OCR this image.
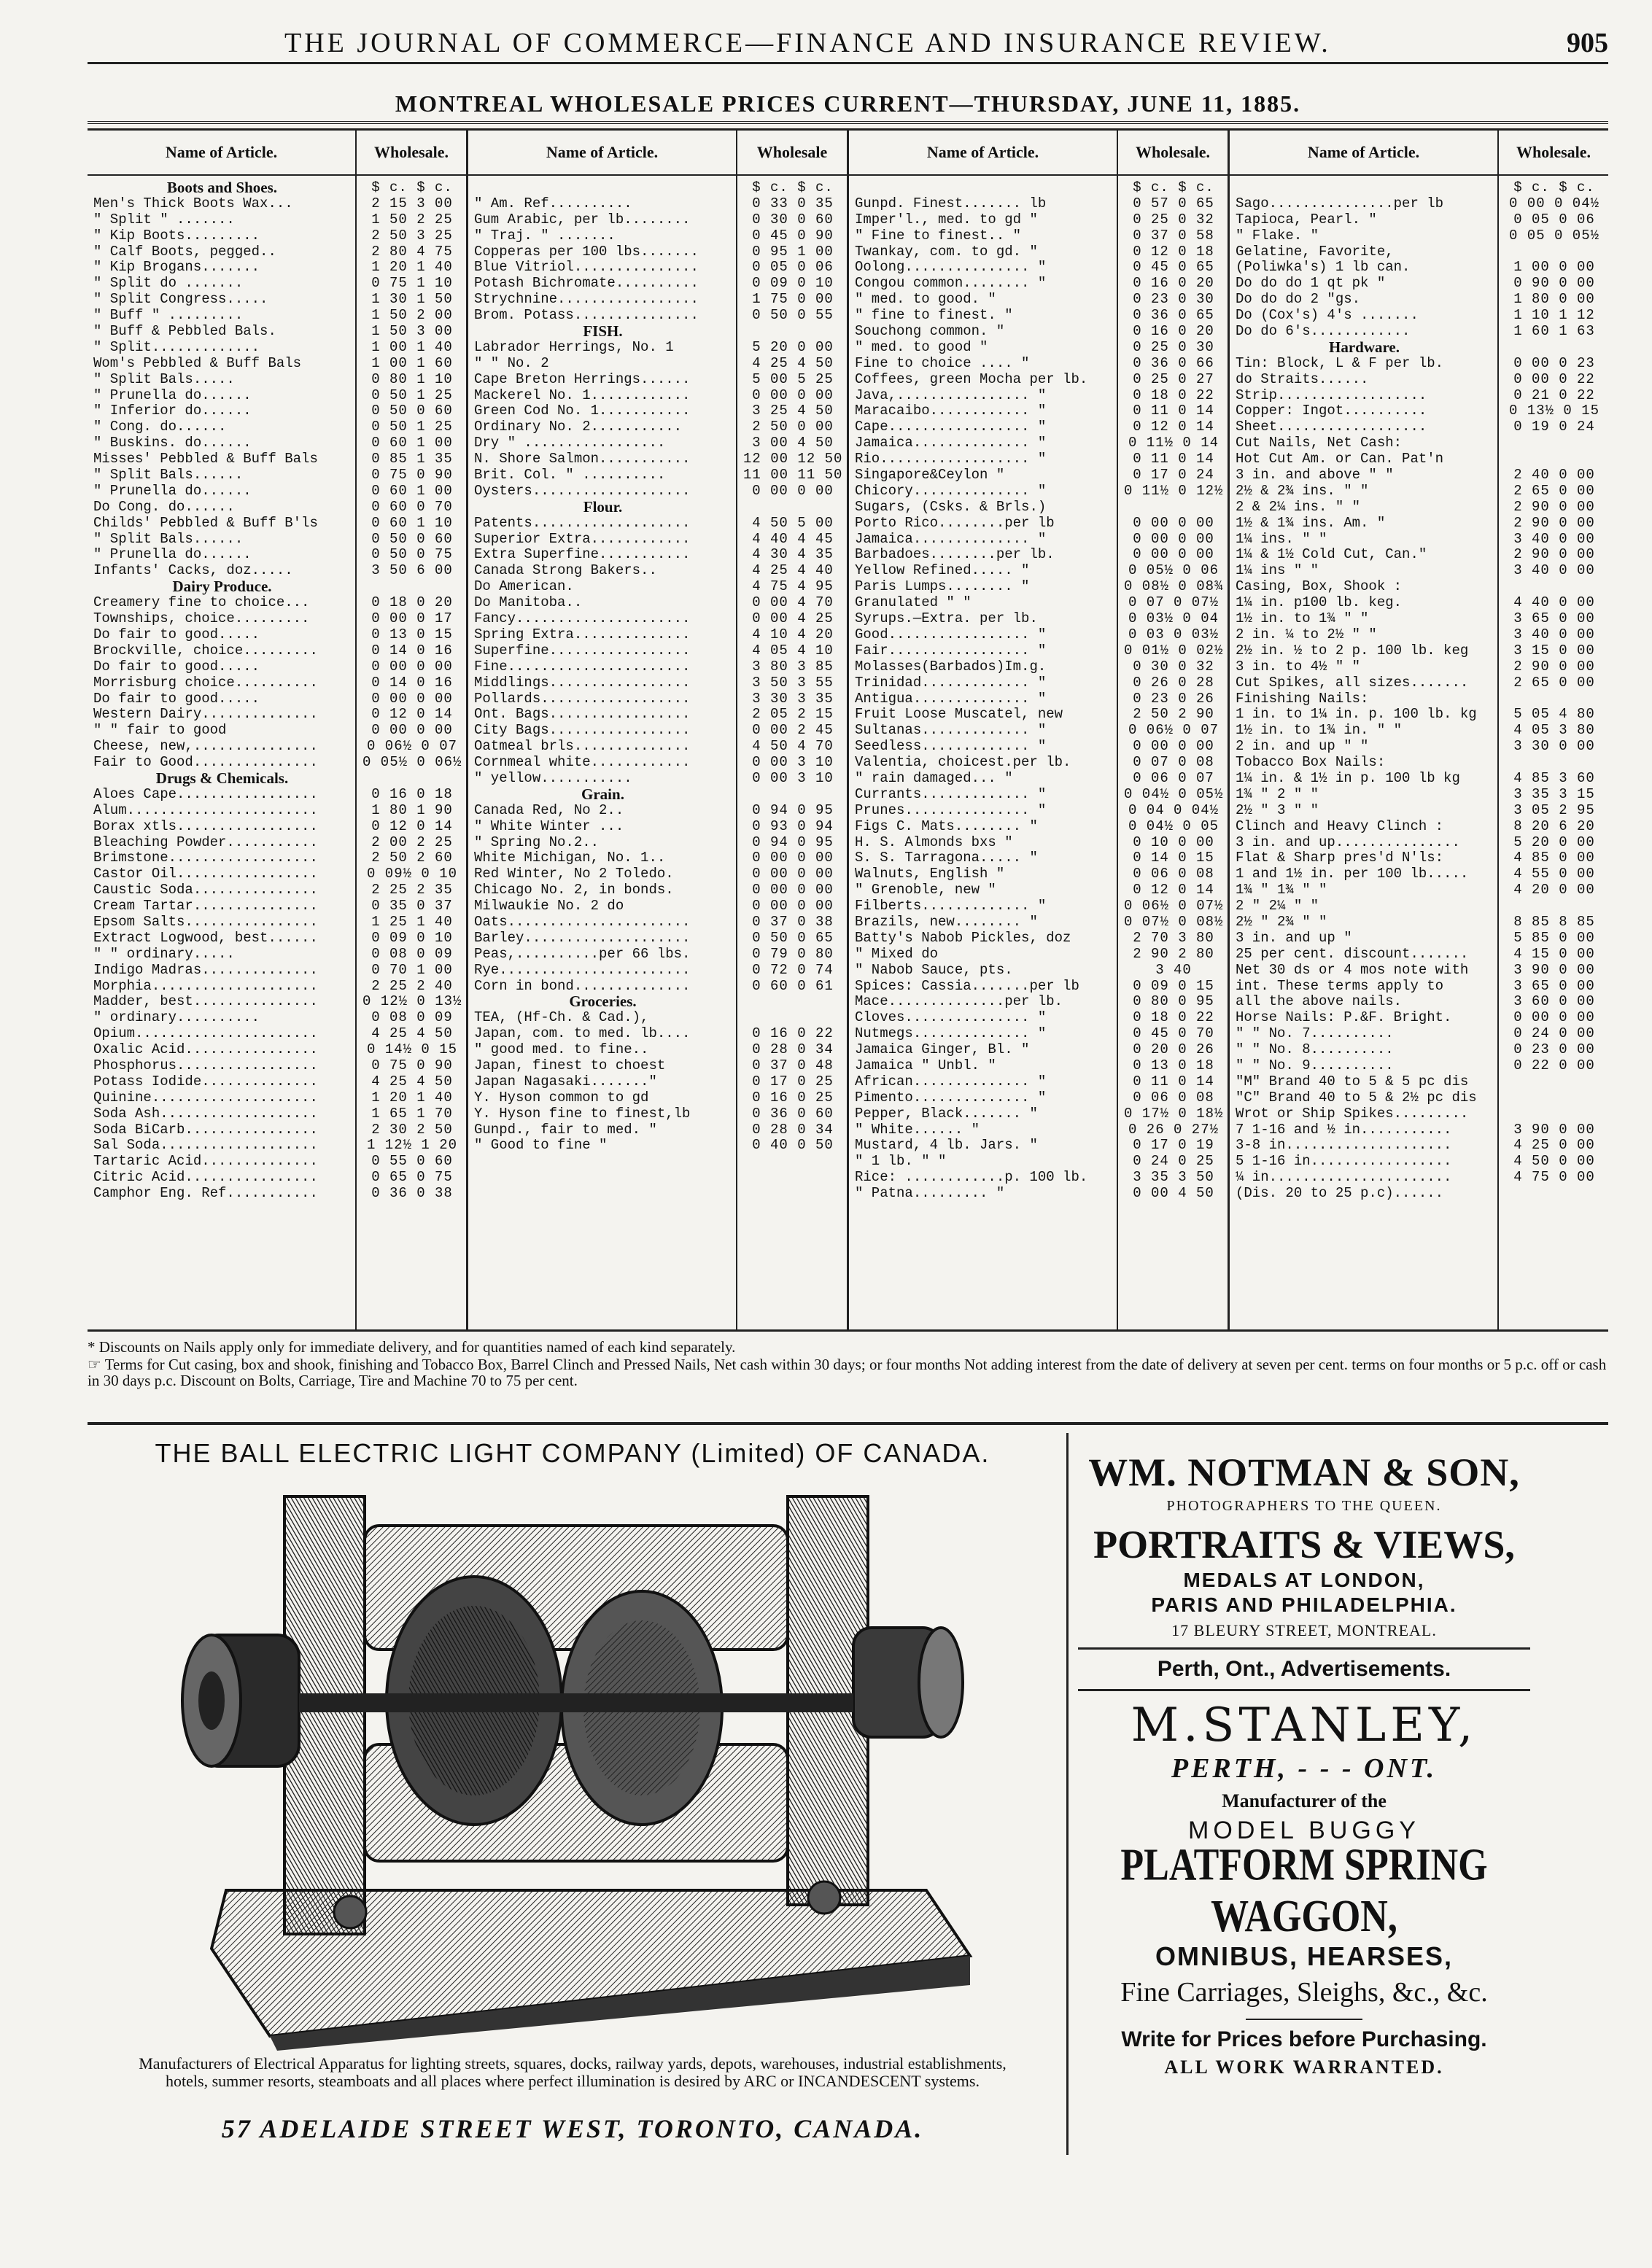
THE JOURNAL OF COMMERCE—FINANCE AND INSURANCE REVIEW.	905
MONTREAL WHOLESALE PRICES CURRENT—THURSDAY, JUNE 11, 1885.
Name of Article.
Boots and Shoes.
Men's Thick Boots Wax...
" Split " .......
" Kip Boots.........
" Calf Boots, pegged..
" Kip Brogans.......
" Split do .......
" Split Congress.....
" Buff " .........
" Buff & Pebbled Bals.
" Split.............
Wom's Pebbled & Buff Bals
" Split Bals.....
" Prunella do......
" Inferior do......
" Cong. do......
" Buskins. do......
Misses' Pebbled & Buff Bals
" Split Bals......
" Prunella do......
Do Cong. do......
Childs' Pebbled & Buff B'ls
" Split Bals......
" Prunella do......
Infants' Cacks, doz.....
Dairy Produce.
Creamery fine to choice...
Townships, choice.........
Do fair to good.....
Brockville, choice.........
Do fair to good.....
Morrisburg choice..........
Do fair to good.....
Western Dairy..............
" " fair to good
Cheese, new,...............
Fair to Good...............
Drugs & Chemicals.
Aloes Cape.................
Alum.......................
Borax xtls.................
Bleaching Powder...........
Brimstone..................
Castor Oil.................
Caustic Soda...............
Cream Tartar...............
Epsom Salts................
Extract Logwood, best......
" " ordinary.....
Indigo Madras..............
Morphia....................
Madder, best...............
" ordinary..........
Opium......................
Oxalic Acid................
Phosphorus.................
Potass Iodide..............
Quinine....................
Soda Ash...................
Soda BiCarb................
Sal Soda...................
Tartaric Acid..............
Citric Acid................
Camphor Eng. Ref...........
Wholesale.
$ c. $ c.
2 15 3 00
1 50 2 25
2 50 3 25
2 80 4 75
1 20 1 40
0 75 1 10
1 30 1 50
1 50 2 00
1 50 3 00
1 00 1 40
1 00 1 60
0 80 1 10
0 50 1 25
0 50 0 60
0 50 1 25
0 60 1 00
0 85 1 35
0 75 0 90
0 60 1 00
0 60 0 70
0 60 1 10
0 50 0 60
0 50 0 75
3 50 6 00
0 18 0 20
0 00 0 17
0 13 0 15
0 14 0 16
0 00 0 00
0 14 0 16
0 00 0 00
0 12 0 14
0 00 0 00
0 06½ 0 07
0 05½ 0 06½
0 16 0 18
1 80 1 90
0 12 0 14
2 00 2 25
2 50 2 60
0 09½ 0 10
2 25 2 35
0 35 0 37
1 25 1 40
0 09 0 10
0 08 0 09
0 70 1 00
2 25 2 40
0 12½ 0 13½
0 08 0 09
4 25 4 50
0 14½ 0 15
0 75 0 90
4 25 4 50
1 20 1 40
1 65 1 70
2 30 2 50
1 12½ 1 20
0 55 0 60
0 65 0 75
0 36 0 38
Name of Article.
" Am. Ref..........
Gum Arabic, per lb........
" Traj. " .......
Copperas per 100 lbs.......
Blue Vitriol...............
Potash Bichromate..........
Strychnine.................
Brom. Potass...............
FISH.
Labrador Herrings, No. 1
" " No. 2
Cape Breton Herrings......
Mackerel No. 1............
Green Cod No. 1...........
Ordinary No. 2...........
Dry " .................
N. Shore Salmon...........
Brit. Col. " ..........
Oysters...................
Flour.
Patents...................
Superior Extra............
Extra Superfine...........
Canada Strong Bakers..
Do American.
Do Manitoba..
Fancy.....................
Spring Extra..............
Superfine.................
Fine......................
Middlings.................
Pollards..................
Ont. Bags.................
City Bags.................
Oatmeal brls..............
Cornmeal white............
" yellow...........
Grain.
Canada Red, No 2..
" White Winter ...
" Spring No.2..
White Michigan, No. 1..
Red Winter, No 2 Toledo.
Chicago No. 2, in bonds.
Milwaukie No. 2 do
Oats......................
Barley....................
Peas,..........per 66 lbs.
Rye.......................
Corn in bond..............
Groceries.
TEA, (Hf-Ch. & Cad.),
Japan, com. to med. lb....
" good med. to fine..
Japan, finest to choest
Japan Nagasaki......."
Y. Hyson common to gd
Y. Hyson fine to finest,lb
Gunpd., fair to med. "
" Good to fine "
Wholesale
$ c. $ c.
0 33 0 35
0 30 0 60
0 45 0 90
0 95 1 00
0 05 0 06
0 09 0 10
1 75 0 00
0 50 0 55
5 20 0 00
4 25 4 50
5 00 5 25
0 00 0 00
3 25 4 50
2 50 0 00
3 00 4 50
12 00 12 50
11 00 11 50
0 00 0 00
4 50 5 00
4 40 4 45
4 30 4 35
4 25 4 40
4 75 4 95
0 00 4 70
0 00 4 25
4 10 4 20
4 05 4 10
3 80 3 85
3 50 3 55
3 30 3 35
2 05 2 15
0 00 2 45
4 50 4 70
0 00 3 10
0 00 3 10
0 94 0 95
0 93 0 94
0 94 0 95
0 00 0 00
0 00 0 00
0 00 0 00
0 00 0 00
0 37 0 38
0 50 0 65
0 79 0 80
0 72 0 74
0 60 0 61
0 16 0 22
0 28 0 34
0 37 0 48
0 17 0 25
0 16 0 25
0 36 0 60
0 28 0 34
0 40 0 50
Name of Article.
Gunpd. Finest....... lb
Imper'l., med. to gd "
" Fine to finest.. "
Twankay, com. to gd. "
Oolong............... "
Congou common........ "
" med. to good. "
" fine to finest. "
Souchong common. "
" med. to good "
Fine to choice .... "
Coffees, green Mocha per lb.
Java,................ "
Maracaibo............ "
Cape................. "
Jamaica.............. "
Rio.................. "
Singapore&Ceylon "
Chicory.............. "
Sugars, (Csks. & Brls.)
Porto Rico........per lb
Jamaica.............. "
Barbadoes........per lb.
Yellow Refined..... "
Paris Lumps........ "
Granulated " "
Syrups.—Extra. per lb.
Good................. "
Fair................. "
Molasses(Barbados)Im.g.
Trinidad............. "
Antigua.............. "
Fruit Loose Muscatel, new
Sultanas............. "
Seedless............. "
Valentia, choicest.per lb.
" rain damaged... "
Currants............. "
Prunes............... "
Figs C. Mats........ "
H. S. Almonds bxs "
S. S. Tarragona..... "
Walnuts, English "
" Grenoble, new "
Filberts............. "
Brazils, new........ "
Batty's Nabob Pickles, doz
" Mixed do
" Nabob Sauce, pts.
Spices: Cassia.......per lb
Mace..............per lb.
Cloves............... "
Nutmegs.............. "
Jamaica Ginger, Bl. "
Jamaica " Unbl. "
African.............. "
Pimento.............. "
Pepper, Black....... "
" White...... "
Mustard, 4 lb. Jars. "
" 1 lb. " "
Rice: ............p. 100 lb.
" Patna......... "
Wholesale.
$ c. $ c.
0 57 0 65
0 25 0 32
0 37 0 58
0 12 0 18
0 45 0 65
0 16 0 20
0 23 0 30
0 36 0 65
0 16 0 20
0 25 0 30
0 36 0 66
0 25 0 27
0 18 0 22
0 11 0 14
0 12 0 14
0 11½ 0 14
0 11 0 14
0 17 0 24
0 11½ 0 12½
0 00 0 00
0 00 0 00
0 00 0 00
0 05½ 0 06
0 08½ 0 08¾
0 07 0 07½
0 03½ 0 04
0 03 0 03½
0 01½ 0 02½
0 30 0 32
0 26 0 28
0 23 0 26
2 50 2 90
0 06½ 0 07
0 00 0 00
0 07 0 08
0 06 0 07
0 04½ 0 05½
0 04 0 04½
0 04½ 0 05
0 10 0 00
0 14 0 15
0 06 0 08
0 12 0 14
0 06½ 0 07½
0 07½ 0 08½
2 70 3 80
2 90 2 80
3 40
0 09 0 15
0 80 0 95
0 18 0 22
0 45 0 70
0 20 0 26
0 13 0 18
0 11 0 14
0 06 0 08
0 17½ 0 18½
0 26 0 27½
0 17 0 19
0 24 0 25
3 35 3 50
0 00 4 50
Name of Article.
Sago...............per lb
Tapioca, Pearl. "
" Flake. "
Gelatine, Favorite,
(Poliwka's) 1 lb can.
Do do do 1 qt pk "
Do do do 2 "gs.
Do (Cox's) 4's .......
Do do 6's............
Hardware.
Tin: Block, L & F per lb.
do Straits......
Strip..................
Copper: Ingot..........
Sheet..................
Cut Nails, Net Cash:
Hot Cut Am. or Can. Pat'n
3 in. and above " "
2½ & 2¾ ins. " "
2 & 2¼ ins. " "
1½ & 1¾ ins. Am. "
1¼ ins. " "
1¼ & 1½ Cold Cut, Can."
1¼ ins " "
Casing, Box, Shook :
1¼ in. p100 lb. keg.
1½ in. to 1¾ " "
2 in. ¼ to 2½ " "
2½ in. ½ to 2 p. 100 lb. keg
3 in. to 4½ " "
Cut Spikes, all sizes.......
Finishing Nails:
1 in. to 1¼ in. p. 100 lb. kg
1½ in. to 1¾ in. " "
2 in. and up " "
Tobacco Box Nails:
1¼ in. & 1½ in p. 100 lb kg
1¾ " 2 " "
2½ " 3 " "
Clinch and Heavy Clinch :
3 in. and up...............
Flat & Sharp pres'd N'ls:
1 and 1½ in. per 100 lb.....
1¾ " 1¾ " "
2 " 2¼ " "
2½ " 2¾ " "
3 in. and up "
25 per cent. discount.......
Net 30 ds or 4 mos note with
int. These terms apply to
all the above nails.
Horse Nails: P.&F. Bright.
" " No. 7..........
" " No. 8..........
" " No. 9..........
"M" Brand 40 to 5 & 5 pc dis
"C" Brand 40 to 5 & 2½ pc dis
Wrot or Ship Spikes.........
7 1-16 and ½ in...........
3-8 in....................
5 1-16 in.................
¼ in......................
(Dis. 20 to 25 p.c)......
Wholesale.
$ c. $ c.
0 00 0 04½
0 05 0 06
0 05 0 05½
1 00 0 00
0 90 0 00
1 80 0 00
1 10 1 12
1 60 1 63
0 00 0 23
0 00 0 22
0 21 0 22
0 13½ 0 15
0 19 0 24
2 40 0 00
2 65 0 00
2 90 0 00
2 90 0 00
3 40 0 00
2 90 0 00
3 40 0 00
4 40 0 00
3 65 0 00
3 40 0 00
3 15 0 00
2 90 0 00
2 65 0 00
5 05 4 80
4 05 3 80
3 30 0 00
4 85 3 60
3 35 3 15
3 05 2 95
8 20 6 20
5 20 0 00
4 85 0 00
4 55 0 00
4 20 0 00
8 85 8 85
5 85 0 00
4 15 0 00
3 90 0 00
3 65 0 00
3 60 0 00
0 00 0 00
0 24 0 00
0 23 0 00
0 22 0 00
3 90 0 00
4 25 0 00
4 50 0 00
4 75 0 00

* Discounts on Nails apply only for immediate delivery, and for quantities named of each kind separately.

☞ Terms for Cut casing, box and shook, finishing and Tobacco Box, Barrel Clinch and Pressed Nails, Net cash within 30 days; or four months Not adding interest from the date of delivery at seven per cent. terms on four months or 5 p.c. off or cash in 30 days p.c. Discount on Bolts, Carriage, Tire and Machine 70 to 75 per cent.

THE BALL ELECTRIC LIGHT COMPANY (Limited) OF CANADA.
Manufacturers of Electrical Apparatus for lighting streets, squares, docks, railway yards, depots, warehouses, industrial establishments, hotels, summer resorts, steamboats and all places where perfect illumination is desired by ARC or INCANDESCENT systems.
57 ADELAIDE STREET WEST, TORONTO, CANADA.
WM. NOTMAN & SON,
PHOTOGRAPHERS TO THE QUEEN.
PORTRAITS & VIEWS,
MEDALS AT LONDON,
PARIS AND PHILADELPHIA.
17 BLEURY STREET, MONTREAL.
Perth, Ont., Advertisements.
M.STANLEY,
PERTH, - - - ONT.
Manufacturer of the
MODEL BUGGY
PLATFORM SPRING WAGGON,
OMNIBUS, HEARSES,
Fine Carriages, Sleighs, &c., &c.
Write for Prices before Purchasing.
ALL WORK WARRANTED.
